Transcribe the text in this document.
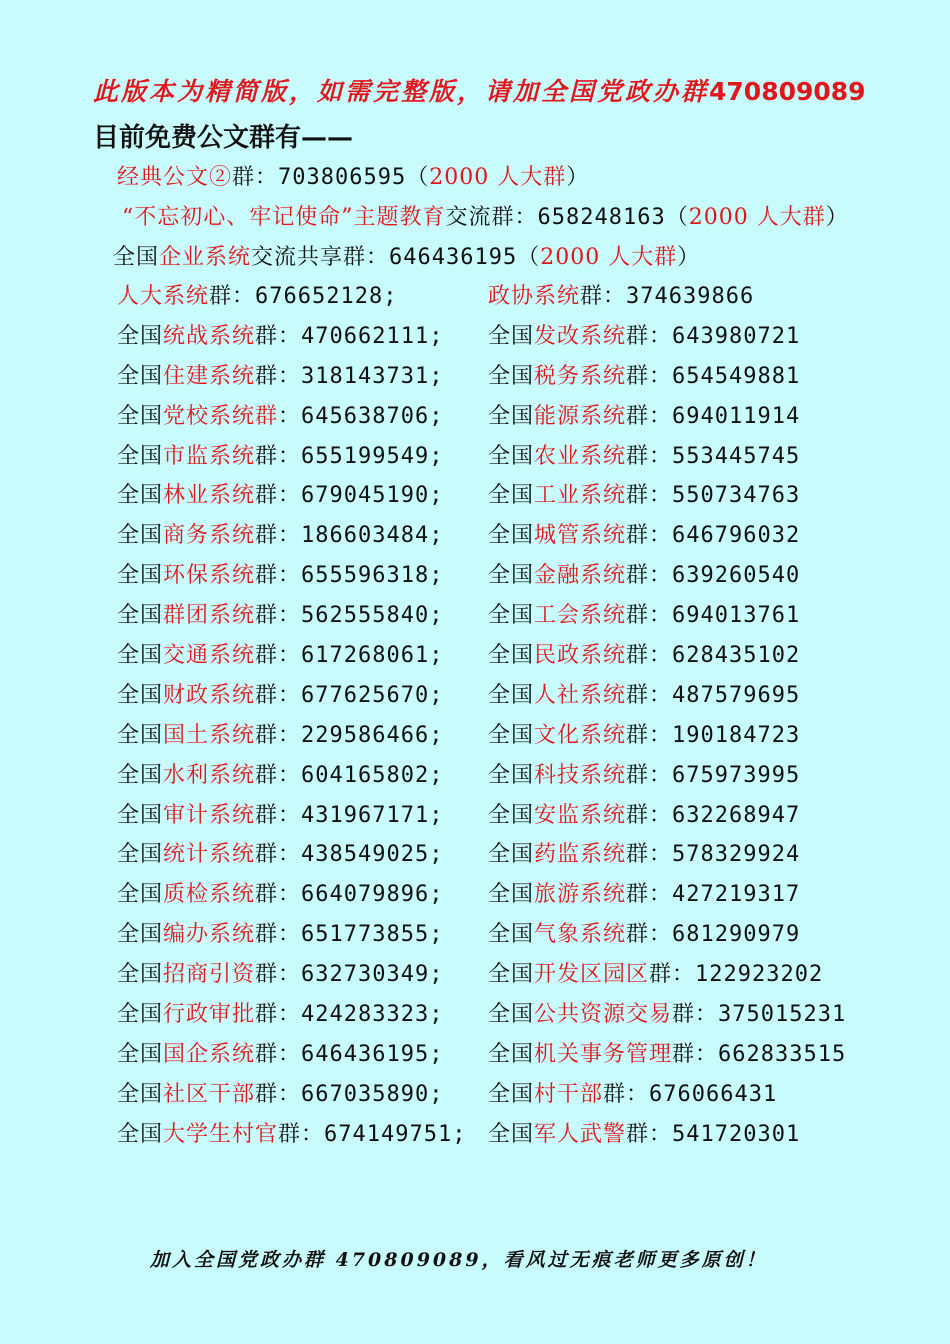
此版本为精简版，如需完整版，请加全国党政办群470809089
目前免费公文群有——
经典公文②群：703806595（2000 人大群）
“不忘初心、牢记使命”主题教育交流群：658248163（2000 人大群）
全国企业系统交流共享群：646436195（2000 人大群）
人大系统群：676652128;	政协系统群：374639866
全国统战系统群：470662111; 全国发改系统群：643980721
全国住建系统群：318143731; 全国税务系统群：654549881
全国党校系统群：645638706; 全国能源系统群：694011914
全国市监系统群：655199549; 全国农业系统群：553445745
全国林业系统群：679045190; 全国工业系统群：550734763
全国商务系统群：186603484; 全国城管系统群：646796032
全国环保系统群：655596318; 全国金融系统群：639260540
全国群团系统群：562555840; 全国工会系统群：694013761
全国交通系统群：617268061; 全国民政系统群：628435102
全国财政系统群：677625670; 全国人社系统群：487579695
全国国土系统群：229586466; 全国文化系统群：190184723
全国水利系统群：604165802; 全国科技系统群：675973995
全国审计系统群：431967171; 全国安监系统群：632268947
全国统计系统群：438549025; 全国药监系统群：578329924
全国质检系统群：664079896; 全国旅游系统群：427219317
全国编办系统群：651773855; 全国气象系统群：681290979
全国招商引资群：632730349; 全国开发区园区群：122923202
全国行政审批群：424283323; 全国公共资源交易群：375015231
全国国企系统群：646436195; 全国机关事务管理群：662833515
全国社区干部群：667035890; 全国村干部群：676066431
全国大学生村官群：674149751; 全国军人武警群：541720301
加入全国党政办群 470809089，看风过无痕老师更多原创！
